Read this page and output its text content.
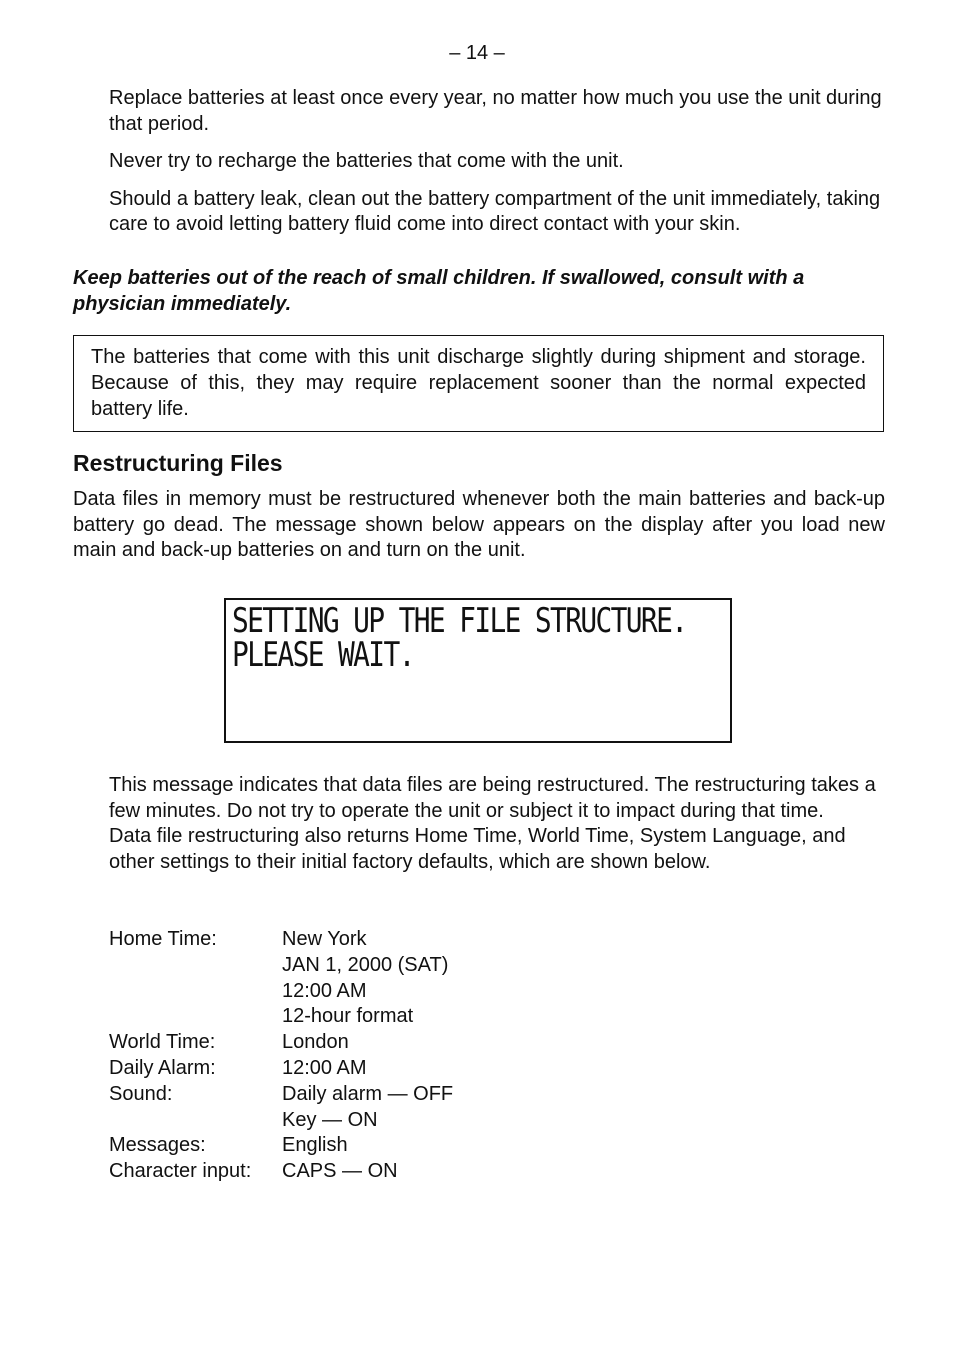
– 14 –

Replace batteries at least once every year, no matter how much you use the unit during that period.

Never try to recharge the batteries that come with the unit.

Should a battery leak, clean out the battery compartment of the unit immediately, taking care to avoid letting battery fluid come into direct contact with your skin.

Keep batteries out of the reach of small children. If swallowed, consult with a physician immediately.

The batteries that come with this unit discharge slightly during shipment and storage. Because of this, they may require replacement sooner than the normal expected battery life.

Restructuring Files

Data files in memory must be restructured whenever both the main batteries and back-up battery go dead. The message shown below appears on the display after you load new main and back-up batteries on and turn on the unit.

SETTING UP THE FILE STRUCTURE.
PLEASE WAIT.

This message indicates that data files are being restructured. The restructuring takes a few minutes. Do not try to operate the unit or subject it to impact during that time.

Data file restructuring also returns Home Time, World Time, System Language, and other settings to their initial factory defaults, which are shown below.

Home Time:	New York
JAN 1, 2000 (SAT)
12:00 AM
12-hour format
World Time:	London
Daily Alarm:	12:00 AM
Sound:	Daily alarm — OFF
Key — ON
Messages:	English
Character input:	CAPS — ON
